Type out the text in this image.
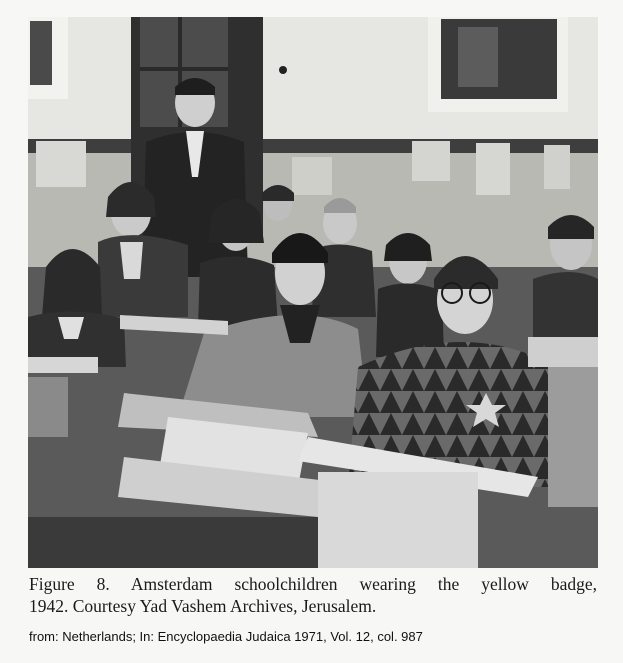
Figure 8. Amsterdam schoolchildren wearing the yellow badge,
1942. Courtesy Yad Vashem Archives, Jerusalem.
from: Netherlands; In: Encyclopaedia Judaica 1971, Vol. 12, col. 987
